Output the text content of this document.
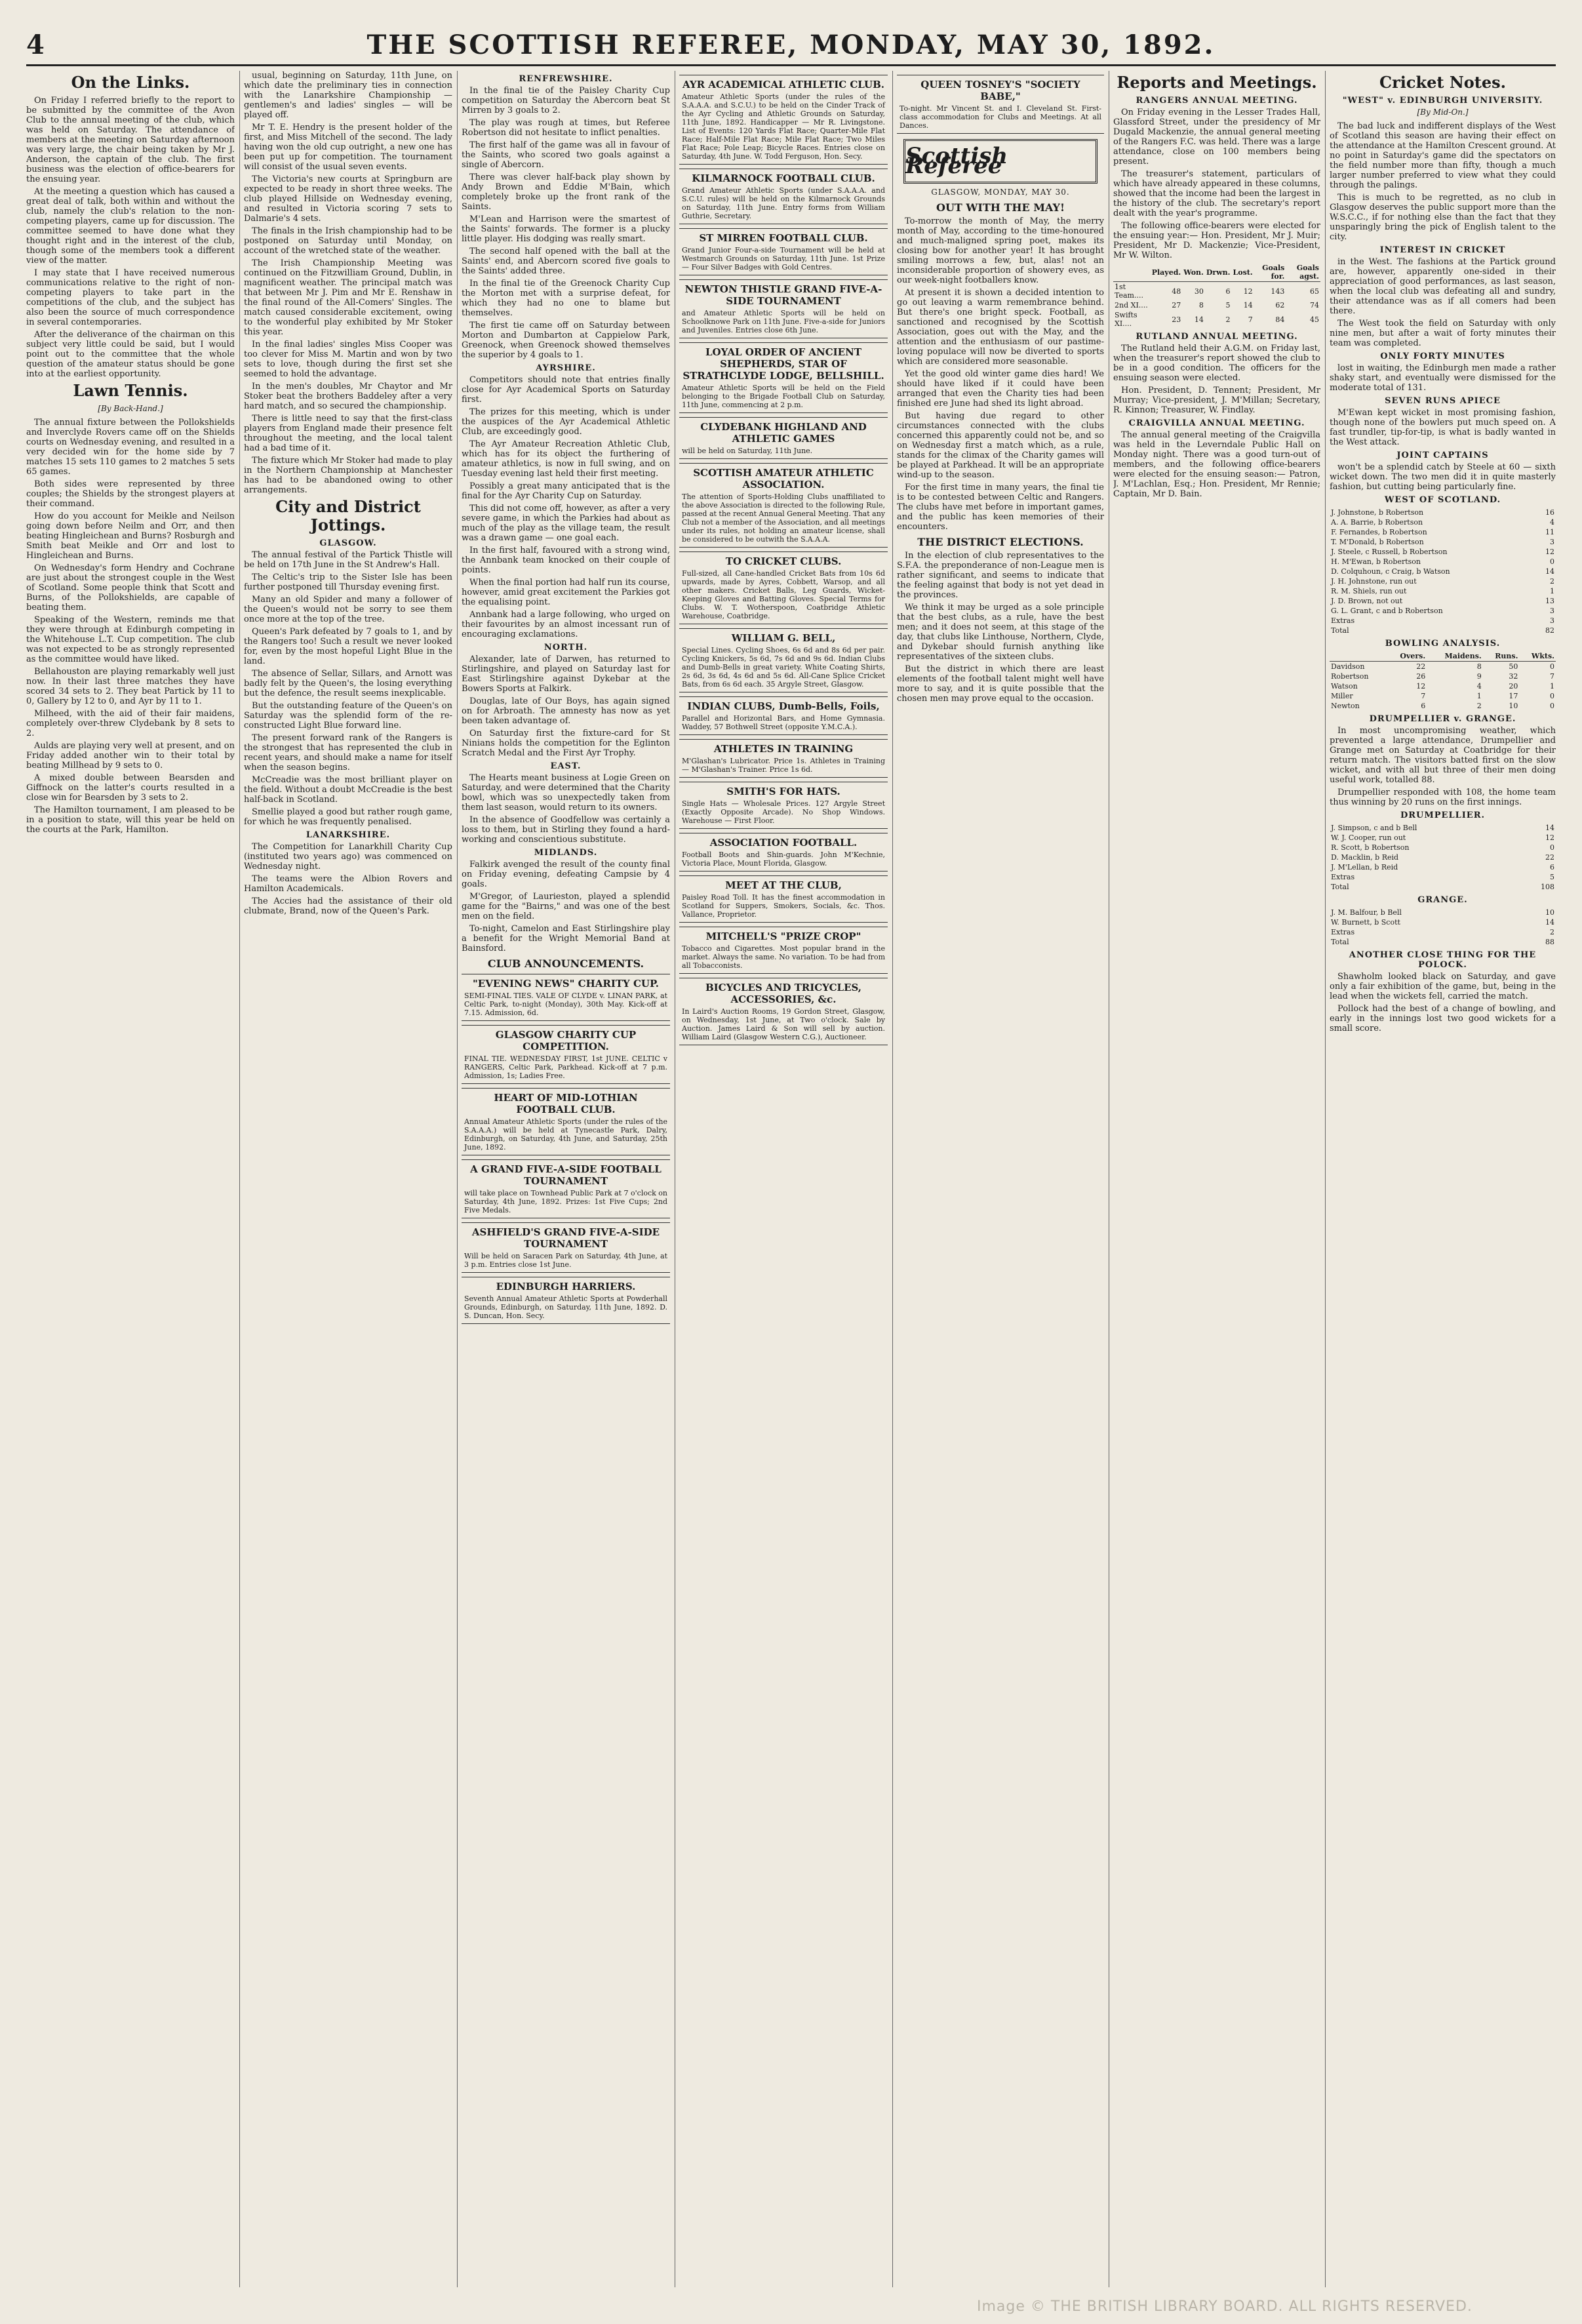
4	THE SCOTTISH REFEREE, MONDAY, MAY 30, 1892.
On the Links.

On Friday I referred briefly to the report to be submitted by the committee of the Avon Club to the annual meeting of the club, which was held on Saturday. The attendance of members at the meeting on Saturday afternoon was very large, the chair being taken by Mr J. Anderson, the captain of the club. The first business was the election of office-bearers for the ensuing year.

At the meeting a question which has caused a great deal of talk, both within and without the club, namely the club's relation to the non-competing players, came up for discussion. The committee seemed to have done what they thought right and in the interest of the club, though some of the members took a different view of the matter.

I may state that I have received numerous communications relative to the right of non-competing players to take part in the competitions of the club, and the subject has also been the source of much correspondence in several contemporaries.

After the deliverance of the chairman on this subject very little could be said, but I would point out to the committee that the whole question of the amateur status should be gone into at the earliest opportunity.

Lawn Tennis.
[By Back-Hand.]

The annual fixture between the Pollokshields and Inverclyde Rovers came off on the Shields courts on Wednesday evening, and resulted in a very decided win for the home side by 7 matches 15 sets 110 games to 2 matches 5 sets 65 games.

Both sides were represented by three couples; the Shields by the strongest players at their command.

How do you account for Meikle and Neilson going down before Neilm and Orr, and then beating Hingleichean and Burns? Rosburgh and Smith beat Meikle and Orr and lost to Hingleichean and Burns.

On Wednesday's form Hendry and Cochrane are just about the strongest couple in the West of Scotland. Some people think that Scott and Burns, of the Pollokshields, are capable of beating them.

Speaking of the Western, reminds me that they were through at Edinburgh competing in the Whitehouse L.T. Cup competition. The club was not expected to be as strongly represented as the committee would have liked.

Bellahouston are playing remarkably well just now. In their last three matches they have scored 34 sets to 2. They beat Partick by 11 to 0, Gallery by 12 to 0, and Ayr by 11 to 1.

Milheed, with the aid of their fair maidens, completely over-threw Clydebank by 8 sets to 2.

Aulds are playing very well at present, and on Friday added another win to their total by beating Millhead by 9 sets to 0.

A mixed double between Bearsden and Giffnock on the latter's courts resulted in a close win for Bearsden by 3 sets to 2.

The Hamilton tournament, I am pleased to be in a position to state, will this year be held on the courts at the Park, Hamilton.

usual, beginning on Saturday, 11th June, on which date the preliminary ties in connection with the Lanarkshire Championship — gentlemen's and ladies' singles — will be played off.

Mr T. E. Hendry is the present holder of the first, and Miss Mitchell of the second. The lady having won the old cup outright, a new one has been put up for competition. The tournament will consist of the usual seven events.

The Victoria's new courts at Springburn are expected to be ready in short three weeks. The club played Hillside on Wednesday evening, and resulted in Victoria scoring 7 sets to Dalmarie's 4 sets.

The finals in the Irish championship had to be postponed on Saturday until Monday, on account of the wretched state of the weather.

The Irish Championship Meeting was continued on the Fitzwilliam Ground, Dublin, in magnificent weather. The principal match was that between Mr J. Pim and Mr E. Renshaw in the final round of the All-Comers' Singles. The match caused considerable excitement, owing to the wonderful play exhibited by Mr Stoker this year.

In the final ladies' singles Miss Cooper was too clever for Miss M. Martin and won by two sets to love, though during the first set she seemed to hold the advantage.

In the men's doubles, Mr Chaytor and Mr Stoker beat the brothers Baddeley after a very hard match, and so secured the championship.

There is little need to say that the first-class players from England made their presence felt throughout the meeting, and the local talent had a bad time of it.

The fixture which Mr Stoker had made to play in the Northern Championship at Manchester has had to be abandoned owing to other arrangements.

City and District Jottings.
GLASGOW.

The annual festival of the Partick Thistle will be held on 17th June in the St Andrew's Hall.

The Celtic's trip to the Sister Isle has been further postponed till Thursday evening first.

Many an old Spider and many a follower of the Queen's would not be sorry to see them once more at the top of the tree.

Queen's Park defeated by 7 goals to 1, and by the Rangers too! Such a result we never looked for, even by the most hopeful Light Blue in the land.

The absence of Sellar, Sillars, and Arnott was badly felt by the Queen's, the losing everything but the defence, the result seems inexplicable.

But the outstanding feature of the Queen's on Saturday was the splendid form of the re-constructed Light Blue forward line.

The present forward rank of the Rangers is the strongest that has represented the club in recent years, and should make a name for itself when the season begins.

McCreadie was the most brilliant player on the field. Without a doubt McCreadie is the best half-back in Scotland.

Smellie played a good but rather rough game, for which he was frequently penalised.

LANARKSHIRE.

The Competition for Lanarkhill Charity Cup (instituted two years ago) was commenced on Wednesday night.

The teams were the Albion Rovers and Hamilton Academicals.

The Accies had the assistance of their old clubmate, Brand, now of the Queen's Park.

RENFREWSHIRE.

In the final tie of the Paisley Charity Cup competition on Saturday the Abercorn beat St Mirren by 3 goals to 2.

The play was rough at times, but Referee Robertson did not hesitate to inflict penalties.

The first half of the game was all in favour of the Saints, who scored two goals against a single of Abercorn.

There was clever half-back play shown by Andy Brown and Eddie M'Bain, which completely broke up the front rank of the Saints.

M'Lean and Harrison were the smartest of the Saints' forwards. The former is a plucky little player. His dodging was really smart.

The second half opened with the ball at the Saints' end, and Abercorn scored five goals to the Saints' added three.

In the final tie of the Greenock Charity Cup the Morton met with a surprise defeat, for which they had no one to blame but themselves.

The first tie came off on Saturday between Morton and Dumbarton at Cappielow Park, Greenock, when Greenock showed themselves the superior by 4 goals to 1.

AYRSHIRE.

Competitors should note that entries finally close for Ayr Academical Sports on Saturday first.

The prizes for this meeting, which is under the auspices of the Ayr Academical Athletic Club, are exceedingly good.

The Ayr Amateur Recreation Athletic Club, which has for its object the furthering of amateur athletics, is now in full swing, and on Tuesday evening last held their first meeting.

Possibly a great many anticipated that is the final for the Ayr Charity Cup on Saturday.

This did not come off, however, as after a very severe game, in which the Parkies had about as much of the play as the village team, the result was a drawn game — one goal each.

In the first half, favoured with a strong wind, the Annbank team knocked on their couple of points.

When the final portion had half run its course, however, amid great excitement the Parkies got the equalising point.

Annbank had a large following, who urged on their favourites by an almost incessant run of encouraging exclamations.

NORTH.

Alexander, late of Darwen, has returned to Stirlingshire, and played on Saturday last for East Stirlingshire against Dykebar at the Bowers Sports at Falkirk.

Douglas, late of Our Boys, has again signed on for Arbroath. The amnesty has now as yet been taken advantage of.

On Saturday first the fixture-card for St Ninians holds the competition for the Eglinton Scratch Medal and the First Ayr Trophy.

EAST.

The Hearts meant business at Logie Green on Saturday, and were determined that the Charity bowl, which was so unexpectedly taken from them last season, would return to its owners.

In the absence of Goodfellow was certainly a loss to them, but in Stirling they found a hard-working and conscientious substitute.

MIDLANDS.

Falkirk avenged the result of the county final on Friday evening, defeating Campsie by 4 goals.

M'Gregor, of Laurieston, played a splendid game for the "Bairns," and was one of the best men on the field.

To-night, Camelon and East Stirlingshire play a benefit for the Wright Memorial Band at Bainsford.

CLUB ANNOUNCEMENTS.
"EVENING NEWS" CHARITY CUP.
SEMI-FINAL TIES. VALE OF CLYDE v. LINAN PARK, at Celtic Park, to-night (Monday), 30th May. Kick-off at 7.15. Admission, 6d.
GLASGOW CHARITY CUP COMPETITION.
FINAL TIE. WEDNESDAY FIRST, 1st JUNE. CELTIC v RANGERS, Celtic Park, Parkhead. Kick-off at 7 p.m. Admission, 1s; Ladies Free.
HEART OF MID-LOTHIAN FOOTBALL CLUB.
Annual Amateur Athletic Sports (under the rules of the S.A.A.A.) will be held at Tynecastle Park, Dalry, Edinburgh, on Saturday, 4th June, and Saturday, 25th June, 1892.
A GRAND FIVE-A-SIDE FOOTBALL TOURNAMENT
will take place on Townhead Public Park at 7 o'clock on Saturday, 4th June, 1892. Prizes: 1st Five Cups; 2nd Five Medals.
ASHFIELD'S GRAND FIVE-A-SIDE TOURNAMENT
Will be held on Saracen Park on Saturday, 4th June, at 3 p.m. Entries close 1st June.
EDINBURGH HARRIERS.
Seventh Annual Amateur Athletic Sports at Powderhall Grounds, Edinburgh, on Saturday, 11th June, 1892. D. S. Duncan, Hon. Secy.
AYR ACADEMICAL ATHLETIC CLUB.
Amateur Athletic Sports (under the rules of the S.A.A.A. and S.C.U.) to be held on the Cinder Track of the Ayr Cycling and Athletic Grounds on Saturday, 11th June, 1892. Handicapper — Mr R. Livingstone. List of Events: 120 Yards Flat Race; Quarter-Mile Flat Race; Half-Mile Flat Race; Mile Flat Race; Two Miles Flat Race; Pole Leap; Bicycle Races. Entries close on Saturday, 4th June. W. Todd Ferguson, Hon. Secy.
KILMARNOCK FOOTBALL CLUB.
Grand Amateur Athletic Sports (under S.A.A.A. and S.C.U. rules) will be held on the Kilmarnock Grounds on Saturday, 11th June. Entry forms from William Guthrie, Secretary.
ST MIRREN FOOTBALL CLUB.
Grand Junior Four-a-side Tournament will be held at Westmarch Grounds on Saturday, 11th June. 1st Prize — Four Silver Badges with Gold Centres.
NEWTON THISTLE GRAND FIVE-A-SIDE TOURNAMENT
and Amateur Athletic Sports will be held on Schoolknowe Park on 11th June. Five-a-side for Juniors and Juveniles. Entries close 6th June.
LOYAL ORDER OF ANCIENT SHEPHERDS, STAR OF STRATHCLYDE LODGE, BELLSHILL.
Amateur Athletic Sports will be held on the Field belonging to the Brigade Football Club on Saturday, 11th June, commencing at 2 p.m.
CLYDEBANK HIGHLAND AND ATHLETIC GAMES
will be held on Saturday, 11th June.
SCOTTISH AMATEUR ATHLETIC ASSOCIATION.
The attention of Sports-Holding Clubs unaffiliated to the above Association is directed to the following Rule, passed at the recent Annual General Meeting. That any Club not a member of the Association, and all meetings under its rules, not holding an amateur license, shall be considered to be outwith the S.A.A.A.
TO CRICKET CLUBS.
Full-sized, all Cane-handled Cricket Bats from 10s 6d upwards, made by Ayres, Cobbett, Warsop, and all other makers. Cricket Balls, Leg Guards, Wicket-Keeping Gloves and Batting Gloves. Special Terms for Clubs. W. T. Wotherspoon, Coatbridge Athletic Warehouse, Coatbridge.
WILLIAM G. BELL,
Special Lines. Cycling Shoes, 6s 6d and 8s 6d per pair. Cycling Knickers, 5s 6d, 7s 6d and 9s 6d. Indian Clubs and Dumb-Bells in great variety. White Coating Shirts, 2s 6d, 3s 6d, 4s 6d and 5s 6d. All-Cane Splice Cricket Bats, from 6s 6d each. 35 Argyle Street, Glasgow.
INDIAN CLUBS, Dumb-Bells, Foils,
Parallel and Horizontal Bars, and Home Gymnasia. Waddey, 57 Bothwell Street (opposite Y.M.C.A.).
ATHLETES IN TRAINING
M'Glashan's Lubricator. Price 1s. Athletes in Training — M'Glashan's Trainer. Price 1s 6d.
SMITH'S FOR HATS.
Single Hats — Wholesale Prices. 127 Argyle Street (Exactly Opposite Arcade). No Shop Windows. Warehouse — First Floor.
ASSOCIATION FOOTBALL.
Football Boots and Shin-guards. John M'Kechnie, Victoria Place, Mount Florida, Glasgow.
MEET AT THE CLUB,
Paisley Road Toll. It has the finest accommodation in Scotland for Suppers, Smokers, Socials, &c. Thos. Vallance, Proprietor.
MITCHELL'S "PRIZE CROP"
Tobacco and Cigarettes. Most popular brand in the market. Always the same. No variation. To be had from all Tobacconists.
BICYCLES AND TRICYCLES, ACCESSORIES, &c.
In Laird's Auction Rooms, 19 Gordon Street, Glasgow, on Wednesday, 1st June, at Two o'clock. Sale by Auction. James Laird & Son will sell by auction. William Laird (Glasgow Western C.G.), Auctioneer.
QUEEN TOSNEY'S "SOCIETY BABE,"
To-night. Mr Vincent St. and I. Cleveland St. First-class accommodation for Clubs and Meetings. At all Dances.
Scottish Referee
GLASGOW, MONDAY, MAY 30.
OUT WITH THE MAY!

To-morrow the month of May, the merry month of May, according to the time-honoured and much-maligned spring poet, makes its closing bow for another year! It has brought smiling morrows a few, but, alas! not an inconsiderable proportion of showery eves, as our week-night footballers know.

At present it is shown a decided intention to go out leaving a warm remembrance behind. But there's one bright speck. Football, as sanctioned and recognised by the Scottish Association, goes out with the May, and the attention and the enthusiasm of our pastime-loving populace will now be diverted to sports which are considered more seasonable.

Yet the good old winter game dies hard! We should have liked if it could have been arranged that even the Charity ties had been finished ere June had shed its light abroad.

But having due regard to other circumstances connected with the clubs concerned this apparently could not be, and so on Wednesday first a match which, as a rule, stands for the climax of the Charity games will be played at Parkhead. It will be an appropriate wind-up to the season.

For the first time in many years, the final tie is to be contested between Celtic and Rangers. The clubs have met before in important games, and the public has keen memories of their encounters.

THE DISTRICT ELECTIONS.

In the election of club representatives to the S.F.A. the preponderance of non-League men is rather significant, and seems to indicate that the feeling against that body is not yet dead in the provinces.

We think it may be urged as a sole principle that the best clubs, as a rule, have the best men; and it does not seem, at this stage of the day, that clubs like Linthouse, Northern, Clyde, and Dykebar should furnish anything like representatives of the sixteen clubs.

But the district in which there are least elements of the football talent might well have more to say, and it is quite possible that the chosen men may prove equal to the occasion.

Reports and Meetings.
RANGERS ANNUAL MEETING.

On Friday evening in the Lesser Trades Hall, Glassford Street, under the presidency of Mr Dugald Mackenzie, the annual general meeting of the Rangers F.C. was held. There was a large attendance, close on 100 members being present.

The treasurer's statement, particulars of which have already appeared in these columns, showed that the income had been the largest in the history of the club. The secretary's report dealt with the year's programme.

The following office-bearers were elected for the ensuing year:— Hon. President, Mr J. Muir; President, Mr D. Mackenzie; Vice-President, Mr W. Wilton.

	Played.	Won.	Drwn.	Lost.	Goals for.	Goals agst.
1st Team....	48	30	6	12	143	65
2nd XI....	27	8	5	14	62	74
Swifts XI....	23	14	2	7	84	45
RUTLAND ANNUAL MEETING.

The Rutland held their A.G.M. on Friday last, when the treasurer's report showed the club to be in a good condition. The officers for the ensuing season were elected.

Hon. President, D. Tennent; President, Mr Murray; Vice-president, J. M'Millan; Secretary, R. Kinnon; Treasurer, W. Findlay.

CRAIGVILLA ANNUAL MEETING.

The annual general meeting of the Craigvilla was held in the Leverndale Public Hall on Monday night. There was a good turn-out of members, and the following office-bearers were elected for the ensuing season:— Patron, J. M'Lachlan, Esq.; Hon. President, Mr Rennie; Captain, Mr D. Bain.

Cricket Notes.
"WEST" v. EDINBURGH UNIVERSITY.
[By Mid-On.]

The bad luck and indifferent displays of the West of Scotland this season are having their effect on the attendance at the Hamilton Crescent ground. At no point in Saturday's game did the spectators on the field number more than fifty, though a much larger number preferred to view what they could through the palings.

This is much to be regretted, as no club in Glasgow deserves the public support more than the W.S.C.C., if for nothing else than the fact that they unsparingly bring the pick of English talent to the city.

INTEREST IN CRICKET

in the West. The fashions at the Partick ground are, however, apparently one-sided in their appreciation of good performances, as last season, when the local club was defeating all and sundry, their attendance was as if all comers had been there.

The West took the field on Saturday with only nine men, but after a wait of forty minutes their team was completed.

ONLY FORTY MINUTES

lost in waiting, the Edinburgh men made a rather shaky start, and eventually were dismissed for the moderate total of 131.

SEVEN RUNS APIECE

M'Ewan kept wicket in most promising fashion, though none of the bowlers put much speed on. A fast trundler, tip-for-tip, is what is badly wanted in the West attack.

JOINT CAPTAINS

won't be a splendid catch by Steele at 60 — sixth wicket down. The two men did it in quite masterly fashion, but cutting being particularly fine.

WEST OF SCOTLAND.
J. Johnstone, b Robertson	16
A. A. Barrie, b Robertson	4
F. Fernandes, b Robertson	11
T. M'Donald, b Robertson	3
J. Steele, c Russell, b Robertson	12
H. M'Ewan, b Robertson	0
D. Colquhoun, c Craig, b Watson	14
J. H. Johnstone, run out	2
R. M. Shiels, run out	1
J. D. Brown, not out	13
G. L. Grant, c and b Robertson	3
Extras	3
Total	82
BOWLING ANALYSIS.
	Overs.	Maidens.	Runs.	Wkts.
Davidson	22	8	50	0
Robertson	26	9	32	7
Watson	12	4	20	1
Miller	7	1	17	0
Newton	6	2	10	0
DRUMPELLIER v. GRANGE.

In most uncompromising weather, which prevented a large attendance, Drumpellier and Grange met on Saturday at Coatbridge for their return match. The visitors batted first on the slow wicket, and with all but three of their men doing useful work, totalled 88.

Drumpellier responded with 108, the home team thus winning by 20 runs on the first innings.

DRUMPELLIER.
J. Simpson, c and b Bell	14
W. J. Cooper, run out	12
R. Scott, b Robertson	0
D. Macklin, b Reid	22
J. M'Lellan, b Reid	6
Extras	5
Total	108
GRANGE.
J. M. Balfour, b Bell	10
W. Burnett, b Scott	14
Extras	2
Total	88
ANOTHER CLOSE THING FOR THE POLOCK.

Shawholm looked black on Saturday, and gave only a fair exhibition of the game, but, being in the lead when the wickets fell, carried the match.

Pollock had the best of a change of bowling, and early in the innings lost two good wickets for a small score.

Image © THE BRITISH LIBRARY BOARD. ALL RIGHTS RESERVED.
